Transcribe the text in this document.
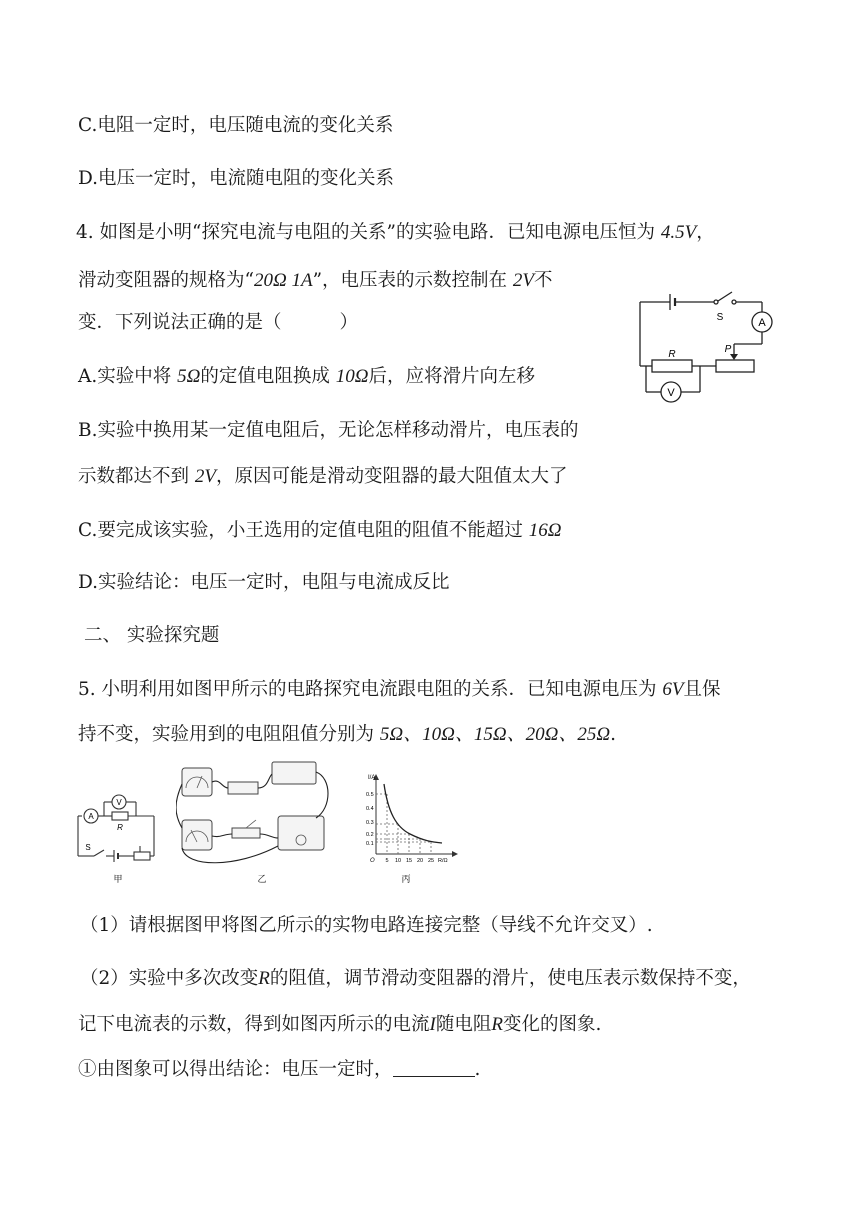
C.电阻一定时，电压随电流的变化关系
D.电压一定时，电流随电阻的变化关系
4. 如图是小明“探究电流与电阻的关系”的实验电路．已知电源电压恒为 4.5V，
滑动变阻器的规格为“20Ω 1A”，电压表的示数控制在 2V不
变．下列说法正确的是（	）
A.实验中将 5Ω的定值电阻换成 10Ω后，应将滑片向左移
B.实验中换用某一定值电阻后，无论怎样移动滑片，电压表的
示数都达不到 2V，原因可能是滑动变阻器的最大阻值太大了
C.要完成该实验，小王选用的定值电阻的阻值不能超过 16Ω
D.实验结论：电压一定时，电阻与电流成反比
S	A
R	P
V
二、 实验探究题
5. 小明利用如图甲所示的电路探究电流跟电阻的关系．已知电源电压为 6V且保
持不变，实验用到的电阻阻值分别为 5Ω、10Ω、15Ω、20Ω、25Ω.
A
V
R
S
甲	乙
I/A
0.5
0.4
0.3
0.2
0.1
O 5 10 15 20 25 R/Ω
丙
（1）请根据图甲将图乙所示的实物电路连接完整（导线不允许交叉）.
（2）实验中多次改变R的阻值，调节滑动变阻器的滑片，使电压表示数保持不变，
记下电流表的示数，得到如图丙所示的电流I随电阻R变化的图象.
①由图象可以得出结论：电压一定时，	.
